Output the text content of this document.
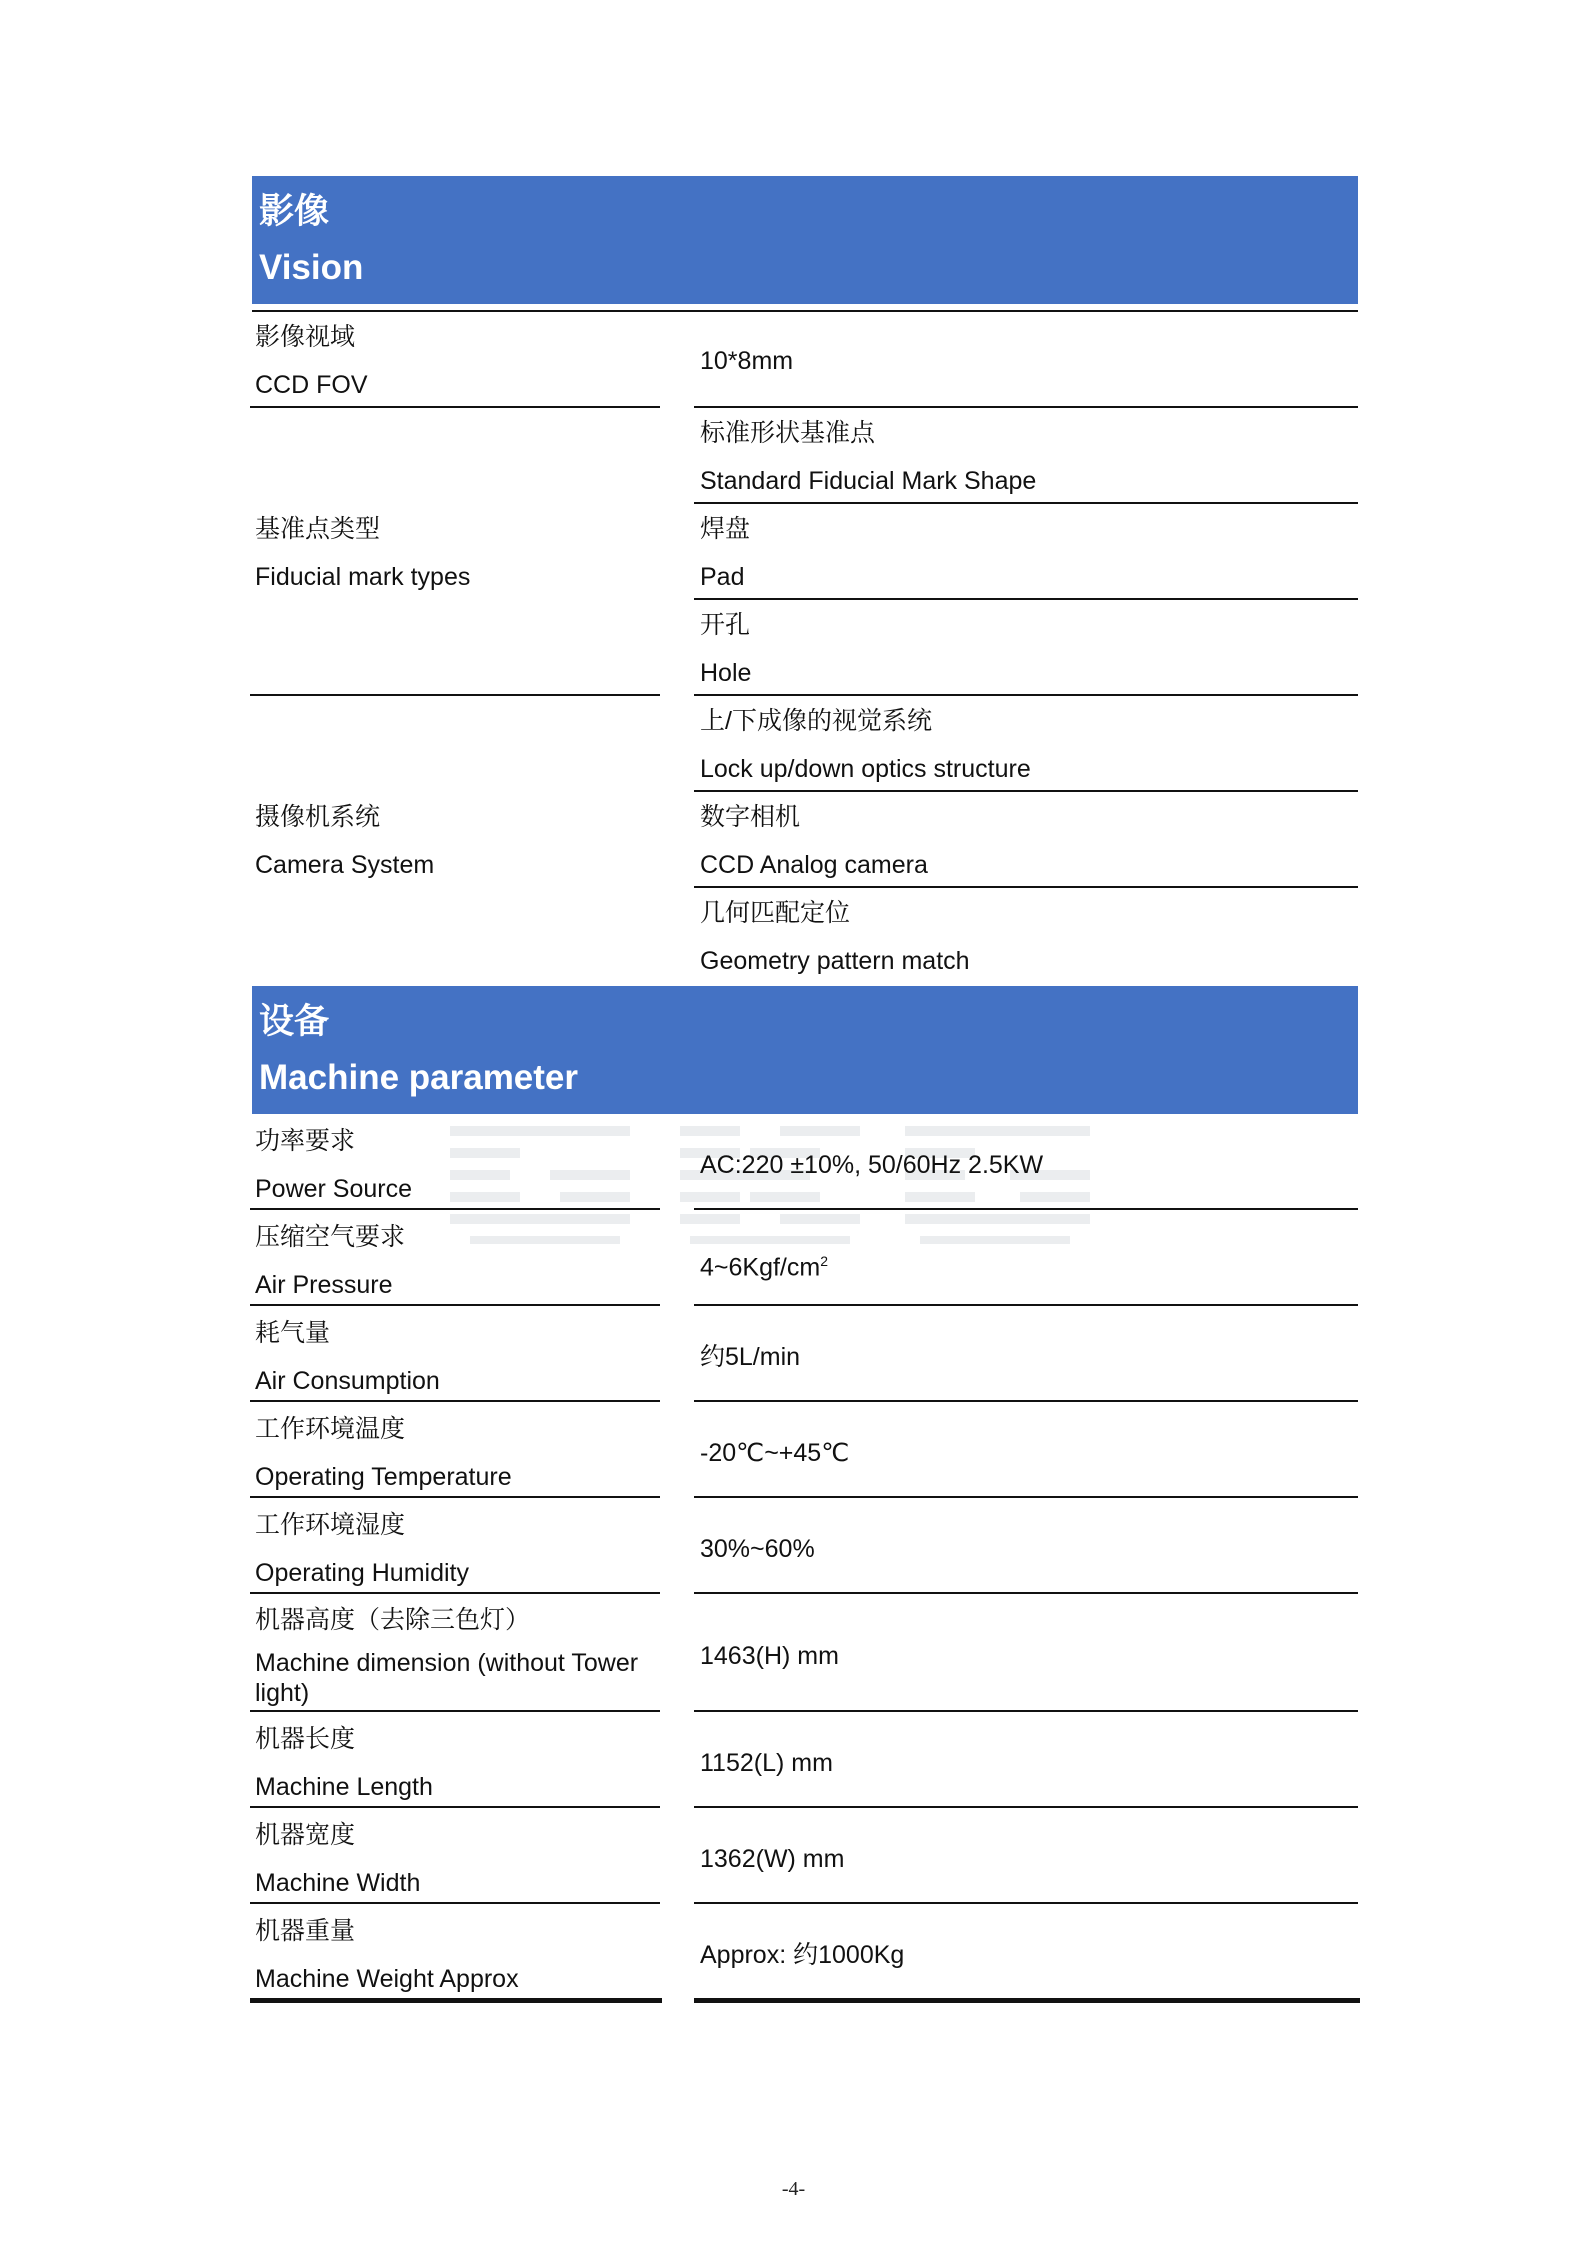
影像
Vision
影像视域
CCD FOV
10*8mm
基准点类型
Fiducial mark types
标准形状基准点
Standard Fiducial Mark Shape
焊盘
Pad
开孔
Hole
摄像机系统
Camera System
上/下成像的视觉系统
Lock up/down optics structure
数字相机
CCD Analog camera
几何匹配定位
Geometry pattern match
设备
Machine parameter
功率要求
Power Source
AC:220 ±10%, 50/60Hz 2.5KW
压缩空气要求
Air Pressure
$4\sim 6Kgf/cm^2$
耗气量
Air Consumption
约5L/min
工作环境温度
Operating Temperature
-20℃~+45℃
工作环境湿度
Operating Humidity
30%~60%
机器高度（去除三色灯）
Machine dimension (without Tower light)
1463(H) mm
机器长度
Machine Length
1152(L) mm
机器宽度
Machine Width
1362(W) mm
机器重量
Machine Weight Approx
Approx: 约1000Kg
-4-
